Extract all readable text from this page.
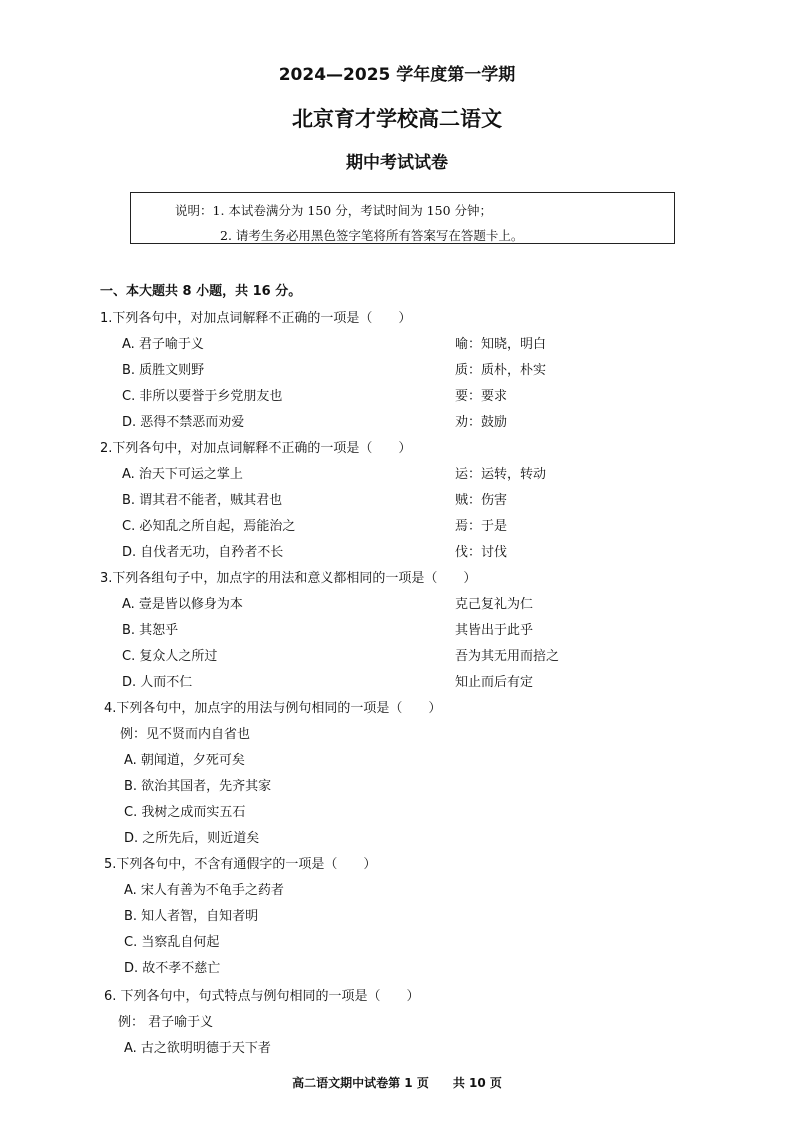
2024—2025 学年度第一学期
北京育才学校高二语文
期中考试试卷
说明：1. 本试卷满分为 150 分，考试时间为 150 分钟；
2. 请考生务必用黑色签字笔将所有答案写在答题卡上。
一、本大题共 8 小题，共 16 分。
1.下列各句中，对加点词解释不正确的一项是（　　）
A. 君子喻于义	喻：知晓，明白
B. 质胜文则野	质：质朴，朴实
C. 非所以要誉于乡党朋友也	要：要求
D. 恶得不禁恶而劝爱	劝：鼓励
2.下列各句中，对加点词解释不正确的一项是（　　）
A. 治天下可运之掌上	运：运转，转动
B. 谓其君不能者，贼其君也	贼：伤害
C. 必知乱之所自起，焉能治之	焉：于是
D. 自伐者无功，自矜者不长	伐：讨伐
3.下列各组句子中，加点字的用法和意义都相同的一项是（　　）
A. 壹是皆以修身为本	克己复礼为仁
B. 其恕乎	其皆出于此乎
C. 复众人之所过	吾为其无用而掊之
D. 人而不仁	知止而后有定
4.下列各句中，加点字的用法与例句相同的一项是（　　）
例：见不贤而内自省也
A. 朝闻道，夕死可矣
B. 欲治其国者，先齐其家
C. 我树之成而实五石
D. 之所先后，则近道矣
5.下列各句中，不含有通假字的一项是（　　）
A. 宋人有善为不龟手之药者
B. 知人者智，自知者明
C. 当察乱自何起
D. 故不孝不慈亡
6. 下列各句中，句式特点与例句相同的一项是（　　）
例： 君子喻于义
A. 古之欲明明德于天下者
高二语文期中试卷第 1 页　　共 10 页
